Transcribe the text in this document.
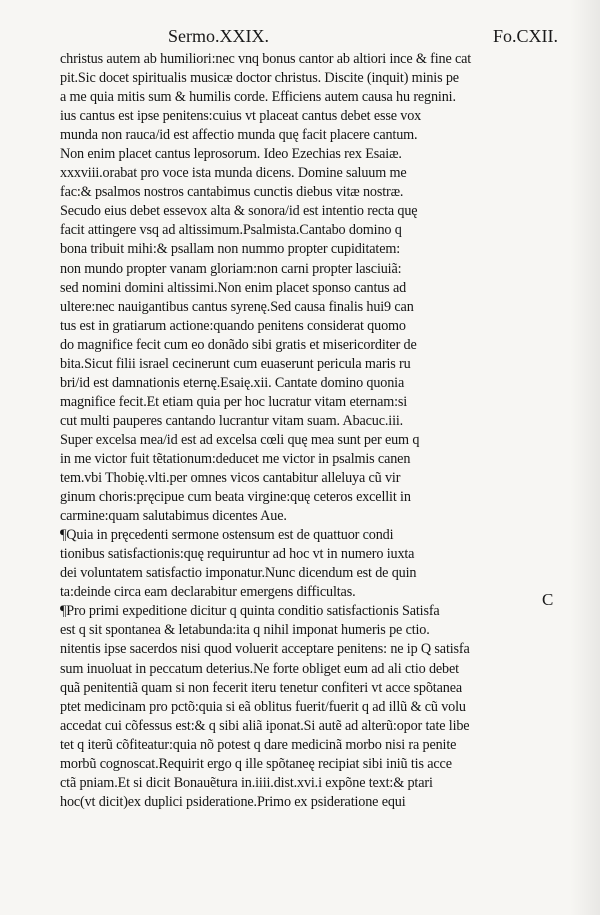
Sermo.XXIX.	Fo.CXII.
christus autem ab humiliori:nec vnq bonus cantor ab altiori ince & fine cat
pit.Sic docet spiritualis musicæ doctor christus. Discite (inquit) minis pe
a me quia mitis sum & humilis corde. Efficiens autem causa hu regnini.
ius cantus est ipse penitens:cuius vt placeat cantus debet esse vox
munda non rauca/id est affectio munda quę facit placere cantum.
Non enim placet cantus leprosorum. Ideo Ezechias rex Esaiæ.
xxxviii.orabat pro voce ista munda dicens. Domine saluum me
fac:& psalmos nostros cantabimus cunctis diebus vitæ nostræ.
Secudo eius debet essevox alta & sonora/id est intentio recta quę
facit attingere vsq ad altissimum.Psalmista.Cantabo domino q
bona tribuit mihi:& psallam non nummo propter cupiditatem:
non mundo propter vanam gloriam:non carni propter lasciuiã:
sed nomini domini altissimi.Non enim placet sponso cantus ad
ultere:nec nauigantibus cantus syrenę.Sed causa finalis hui9 can
tus est in gratiarum actione:quando penitens considerat quomo
do magnifice fecit cum eo donãdo sibi gratis et misericorditer de
bita.Sicut filii israel cecinerunt cum euaserunt pericula maris ru
bri/id est damnationis eternę.Esaię.xii. Cantate domino quonia
magnifice fecit.Et etiam quia per hoc lucratur vitam eternam:si
cut multi pauperes cantando lucrantur vitam suam. Abacuc.iii.
Super excelsa mea/id est ad excelsa cœli quę mea sunt per eum q
in me victor fuit tẽtationum:deducet me victor in psalmis canen
tem.vbi Thobię.vlti.per omnes vicos cantabitur alleluya cũ vir
ginum choris:pręcipue cum beata virgine:quę ceteros excellit in
carmine:quam salutabimus dicentes Aue.
¶Quia in pręcedenti sermone ostensum est de quattuor condi
tionibus satisfactionis:quę requiruntur ad hoc vt in numero iuxta
dei voluntatem satisfactio imponatur.Nunc dicendum est de quin
ta:deinde circa eam declarabitur emergens difficultas.
¶Pro primi expeditione dicitur q quinta conditio satisfactionis Satisfa
est q sit spontanea & letabunda:ita q nihil imponat humeris pe ctio.
nitentis ipse sacerdos nisi quod voluerit acceptare penitens: ne ip Q satisfa
sum inuoluat in peccatum deterius.Ne forte obliget eum ad ali ctio debet
quã penitentiã quam si non fecerit iteru tenetur confiteri vt acce spõtanea
ptet medicinam pro pctõ:quia si eã oblitus fuerit/fuerit q ad illũ & cũ volu
accedat cui cõfessus est:& q sibi aliã iponat.Si autẽ ad alterũ:opor tate libe
tet q iterũ cõfiteatur:quia nõ potest q dare medicinã morbo nisi ra penite
morbũ cognoscat.Requirit ergo q ille spõtaneę recipiat sibi iniũ tis acce
ctã pniam.Et si dicit Bonauẽtura in.iiii.dist.xvi.i expõne text:& ptari
hoc(vt dicit)ex duplici psideratione.Primo ex psideratione equi
C
